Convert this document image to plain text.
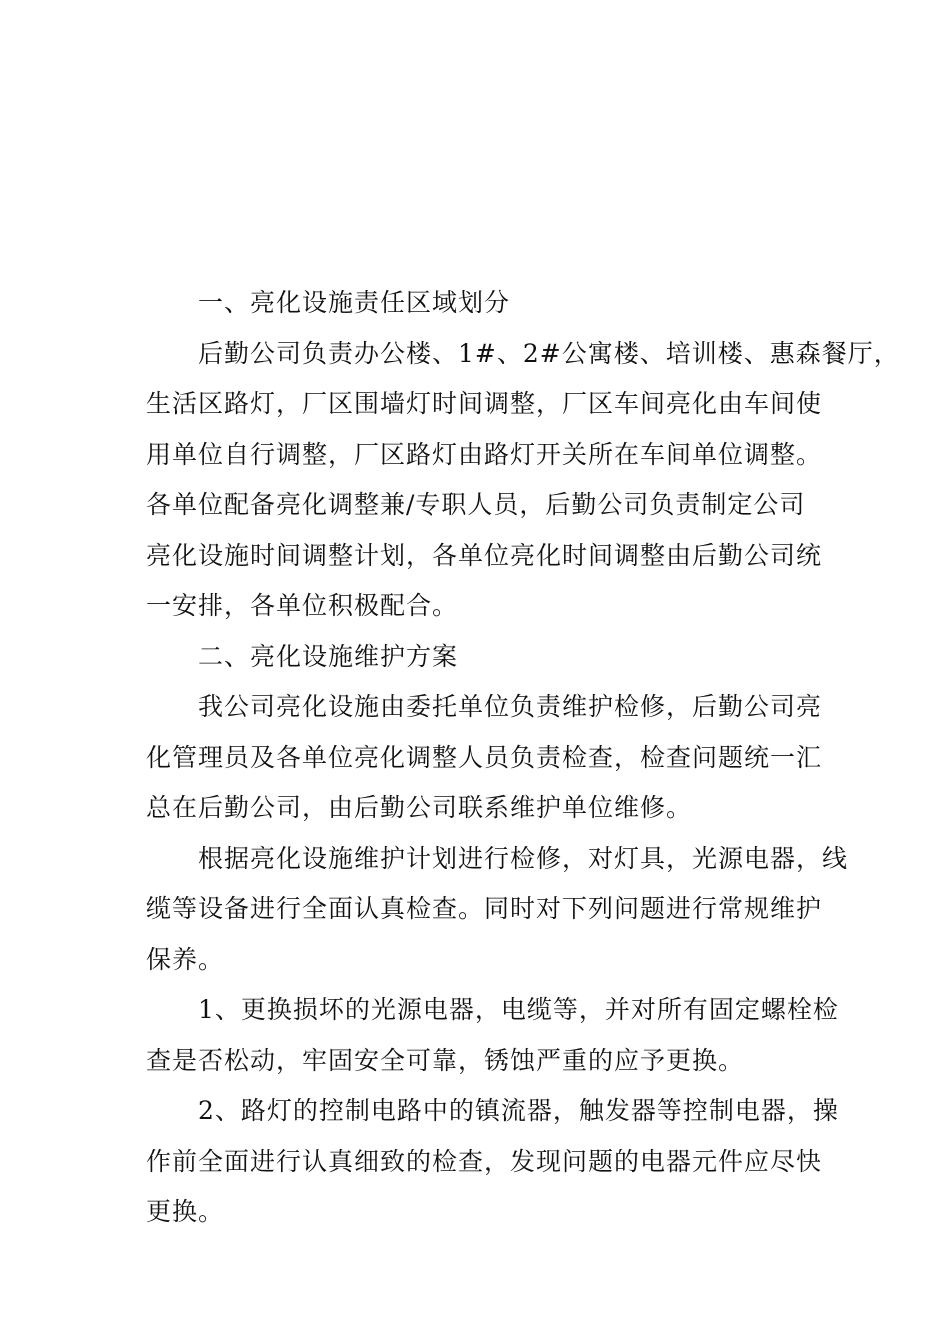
一、亮化设施责任区域划分

后勤公司负责办公楼、1#、2#公寓楼、培训楼、惠森餐厅，
生活区路灯，厂区围墙灯时间调整，厂区车间亮化由车间使
用单位自行调整，厂区路灯由路灯开关所在车间单位调整。
各单位配备亮化调整兼/专职人员，后勤公司负责制定公司
亮化设施时间调整计划，各单位亮化时间调整由后勤公司统
一安排，各单位积极配合。

二、亮化设施维护方案

我公司亮化设施由委托单位负责维护检修，后勤公司亮
化管理员及各单位亮化调整人员负责检查，检查问题统一汇
总在后勤公司，由后勤公司联系维护单位维修。
根据亮化设施维护计划进行检修，对灯具，光源电器，线
缆等设备进行全面认真检查。同时对下列问题进行常规维护
保养。
1、更换损坏的光源电器，电缆等，并对所有固定螺栓检
查是否松动，牢固安全可靠，锈蚀严重的应予更换。
2、路灯的控制电路中的镇流器，触发器等控制电器，操
作前全面进行认真细致的检查，发现问题的电器元件应尽快
更换。
